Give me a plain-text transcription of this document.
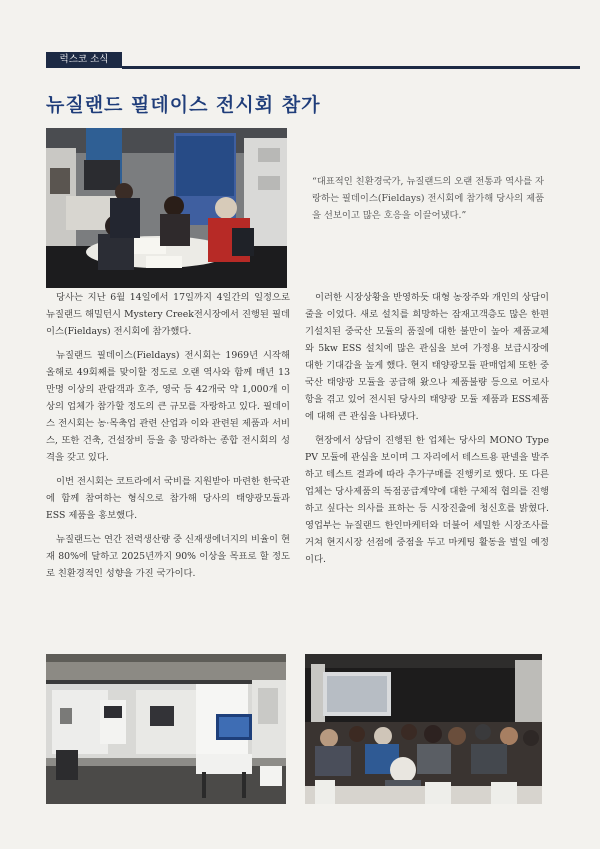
럭스코 소식
뉴질랜드 필데이스 전시회 참가

“대표적인 친환경국가, 뉴질랜드의 오랜 전통과 역사를 자랑하는 필데이스(Fieldays) 전시회에 참가해 당사의 제품을 선보이고 많은 호응을 이끌어냈다.”

당사는 지난 6월 14일에서 17일까지 4일간의 일정으로 뉴질랜드 해밀턴시 Mystery Creek전시장에서 진행된 필데이스(Fieldays) 전시회에 참가했다.

뉴질랜드 필데이스(Fieldays) 전시회는 1969년 시작해 올해로 49회째를 맞이할 정도로 오랜 역사와 함께 매년 13만명 이상의 관람객과 호주, 영국 등 42개국 약 1,000개 이상의 업체가 참가할 정도의 큰 규모를 자랑하고 있다. 필데이스 전시회는 농·목축업 관련 산업과 이와 관련된 제품과 서비스, 또한 건축, 건설장비 등을 총 망라하는 종합 전시회의 성격을 갖고 있다.

이번 전시회는 코트라에서 국비를 지원받아 마련한 한국관에 함께 참여하는 형식으로 참가해 당사의 태양광모듈과 ESS 제품을 홍보했다.

뉴질랜드는 연간 전력생산량 중 신재생에너지의 비율이 현재 80%에 달하고 2025년까지 90% 이상을 목표로 할 정도로 친환경적인 성향을 가진 국가이다.

이러한 시장상황을 반영하듯 대형 농장주와 개인의 상담이 줄을 이었다. 새로 설치를 희망하는 잠재고객층도 많은 한편 기설치된 중국산 모듈의 품질에 대한 불만이 높아 제품교체와 5kw ESS 설치에 많은 관심을 보여 가정용 보급시장에 대한 기대감을 높게 했다. 현지 태양광모듈 판매업체 또한 중국산 태양광 모듈을 공급해 왔으나 제품불량 등으로 어로사항을 겪고 있어 전시된 당사의 태양광 모듈 제품과 ESS제품에 대해 큰 관심을 나타냈다.

현장에서 상담이 진행된 한 업체는 당사의 MONO Type PV 모듈에 관심을 보이며 그 자리에서 테스트용 판넬을 발주하고 테스트 결과에 따라 추가구매를 진행키로 했다. 또 다른 업체는 당사제품의 독점공급계약에 대한 구체적 협의를 진행하고 싶다는 의사를 표하는 등 시장진출에 청신호를 밝혔다. 영업부는 뉴질랜드 한인마케터와 더불어 세밀한 시장조사를 거쳐 현지시장 선점에 중점을 두고 마케팅 활동을 벌일 예정이다.
